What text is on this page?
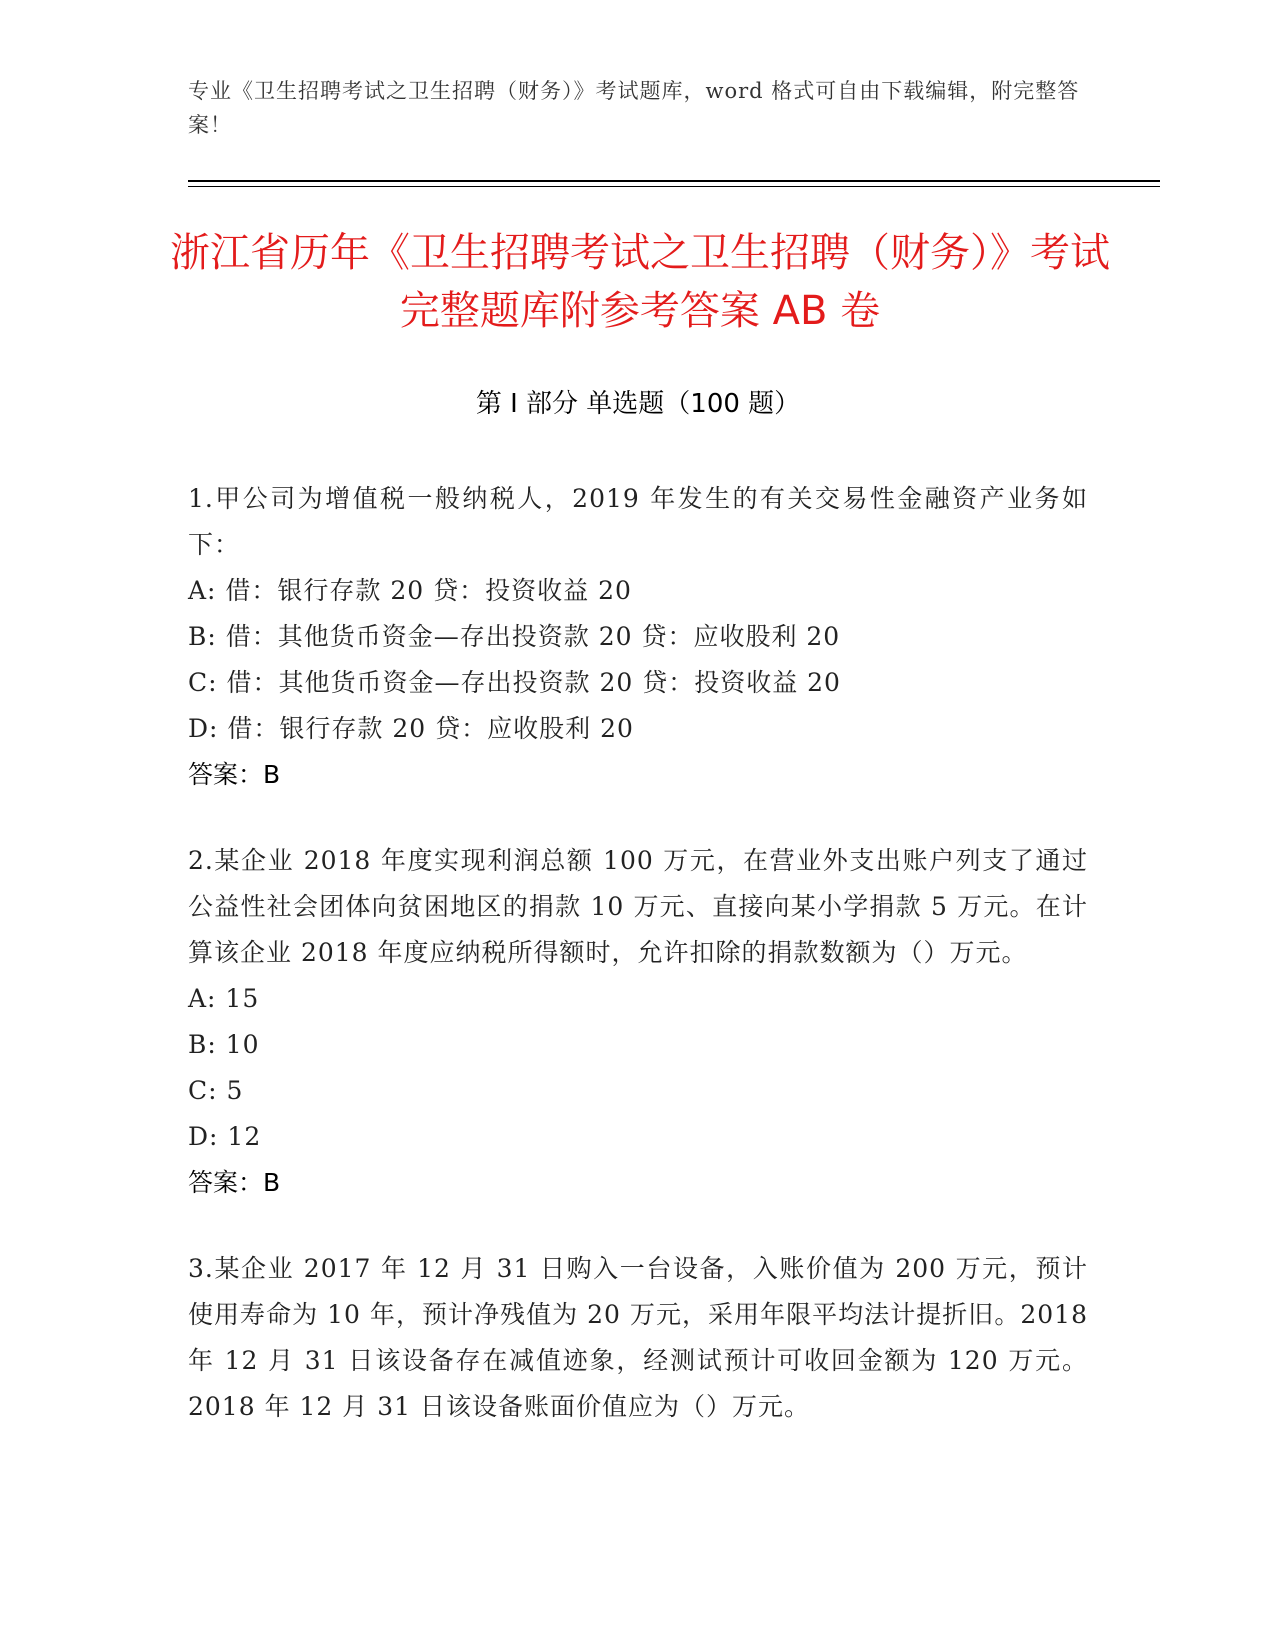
专业《卫生招聘考试之卫生招聘（财务）》考试题库，word 格式可自由下载编辑，附完整答案！
浙江省历年《卫生招聘考试之卫生招聘（财务）》考试完整题库附参考答案 AB 卷
第 I 部分 单选题（100 题）
1.甲公司为增值税一般纳税人，2019 年发生的有关交易性金融资产业务如下：
A: 借：银行存款 20 贷：投资收益 20
B: 借：其他货币资金—存出投资款 20 贷：应收股利 20
C: 借：其他货币资金—存出投资款 20 贷：投资收益 20
D: 借：银行存款 20 贷：应收股利 20
答案：B
2.某企业 2018 年度实现利润总额 100 万元，在营业外支出账户列支了通过公益性社会团体向贫困地区的捐款 10 万元、直接向某小学捐款 5 万元。在计算该企业 2018 年度应纳税所得额时，允许扣除的捐款数额为（）万元。
A: 15
B: 10
C: 5
D: 12
答案：B
3.某企业 2017 年 12 月 31 日购入一台设备，入账价值为 200 万元，预计使用寿命为 10 年，预计净残值为 20 万元，采用年限平均法计提折旧。2018 年 12 月 31 日该设备存在减值迹象，经测试预计可收回金额为 120 万元。2018 年 12 月 31 日该设备账面价值应为（）万元。
